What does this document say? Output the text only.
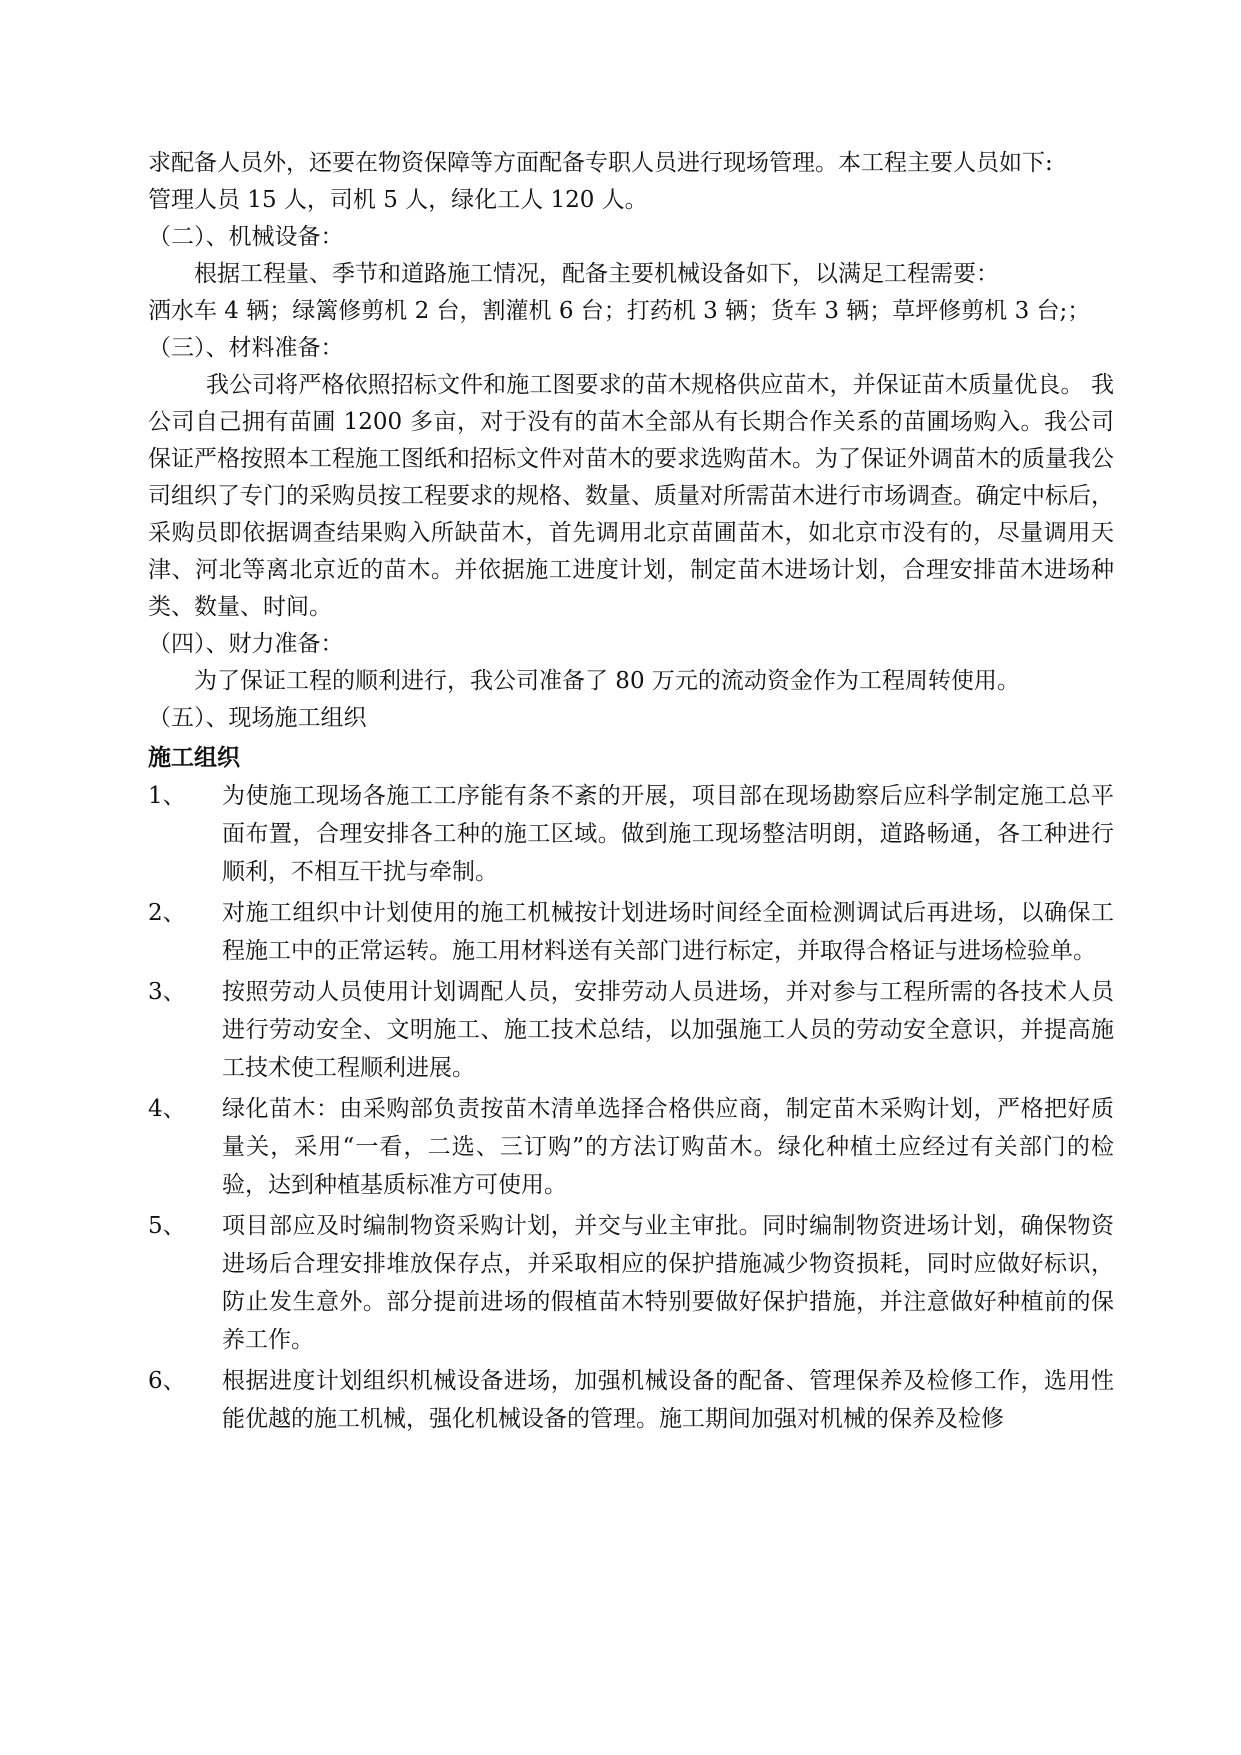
求配备人员外，还要在物资保障等方面配备专职人员进行现场管理。本工程主要人员如下:

管理人员 15 人，司机 5 人，绿化工人 120 人。

（二）、机械设备：

根据工程量、季节和道路施工情况，配备主要机械设备如下，以满足工程需要：

洒水车 4 辆；绿篱修剪机 2 台，割灌机 6 台；打药机 3 辆；货车 3 辆；草坪修剪机 3 台;；

（三）、材料准备：

我公司将严格依照招标文件和施工图要求的苗木规格供应苗木，并保证苗木质量优良。 我公司自己拥有苗圃 1200 多亩，对于没有的苗木全部从有长期合作关系的苗圃场购入。我公司保证严格按照本工程施工图纸和招标文件对苗木的要求选购苗木。为了保证外调苗木的质量我公司组织了专门的采购员按工程要求的规格、数量、质量对所需苗木进行市场调查。确定中标后，采购员即依据调查结果购入所缺苗木，首先调用北京苗圃苗木，如北京市没有的，尽量调用天津、河北等离北京近的苗木。并依据施工进度计划，制定苗木进场计划，合理安排苗木进场种类、数量、时间。

（四）、财力准备：

为了保证工程的顺利进行，我公司准备了 80 万元的流动资金作为工程周转使用。

（五）、现场施工组织

施工组织

1、	为使施工现场各施工工序能有条不紊的开展，项目部在现场勘察后应科学制定施工总平面布置，合理安排各工种的施工区域。做到施工现场整洁明朗，道路畅通，各工种进行顺利，不相互干扰与牵制。
2、	对施工组织中计划使用的施工机械按计划进场时间经全面检测调试后再进场，以确保工程施工中的正常运转。施工用材料送有关部门进行标定，并取得合格证与进场检验单。
3、	按照劳动人员使用计划调配人员，安排劳动人员进场，并对参与工程所需的各技术人员进行劳动安全、文明施工、施工技术总结，以加强施工人员的劳动安全意识，并提高施工技术使工程顺利进展。
4、	绿化苗木：由采购部负责按苗木清单选择合格供应商，制定苗木采购计划，严格把好质量关，采用“一看，二选、三订购”的方法订购苗木。绿化种植土应经过有关部门的检验，达到种植基质标准方可使用。
5、	项目部应及时编制物资采购计划，并交与业主审批。同时编制物资进场计划，确保物资进场后合理安排堆放保存点，并采取相应的保护措施减少物资损耗，同时应做好标识，防止发生意外。部分提前进场的假植苗木特别要做好保护措施，并注意做好种植前的保养工作。
6、	根据进度计划组织机械设备进场，加强机械设备的配备、管理保养及检修工作，选用性能优越的施工机械，强化机械设备的管理。施工期间加强对机械的保养及检修
